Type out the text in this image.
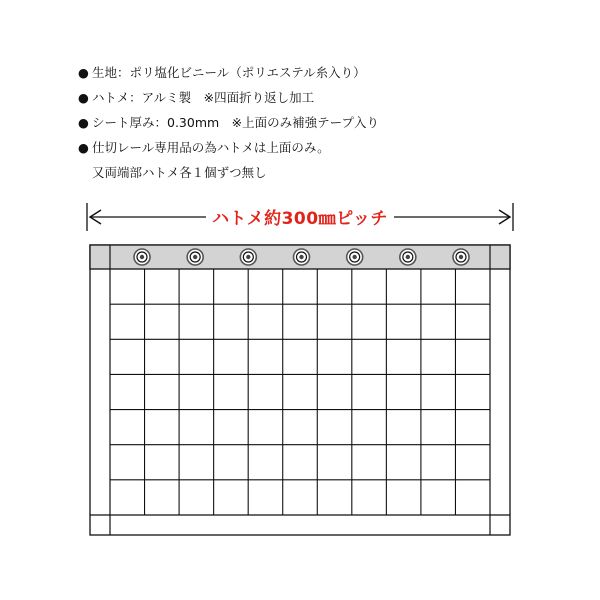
● 生地：ポリ塩化ビニール（ポリエステル糸入り）
● ハトメ：アルミ製　※四面折り返し加工
● シート厚み：0.30mm　※上面のみ補強テープ入り
● 仕切レール専用品の為ハトメは上面のみ。
又両端部ハトメ各１個ずつ無し
ハトメ約300㎜ピッチ
